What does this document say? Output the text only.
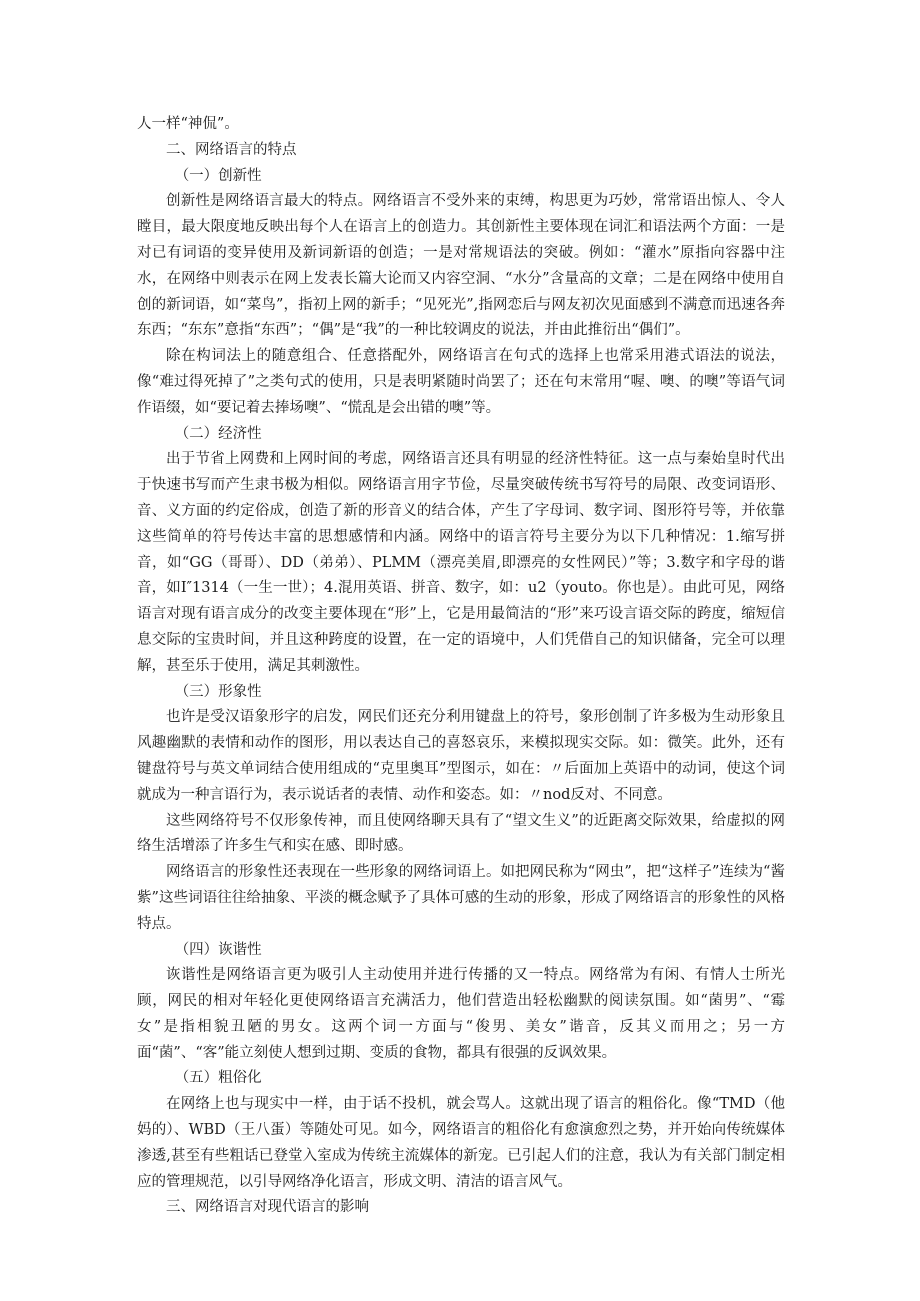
人一样“神侃”。

二、网络语言的特点

（一）创新性

创新性是网络语言最大的特点。网络语言不受外来的束缚，构思更为巧妙，常常语出惊人、令人瞠目，最大限度地反映出每个人在语言上的创造力。其创新性主要体现在词汇和语法两个方面：一是对已有词语的变异使用及新词新语的创造；一是对常规语法的突破。例如：“灌水”原指向容器中注水，在网络中则表示在网上发表长篇大论而又内容空洞、“水分”含量高的文章；二是在网络中使用自创的新词语，如“菜鸟”，指初上网的新手；“见死光”,指网恋后与网友初次见面感到不满意而迅速各奔东西；“东东”意指“东西”；“偶”是“我”的一种比较调皮的说法，并由此推衍出“偶们”。

除在构词法上的随意组合、任意搭配外，网络语言在句式的选择上也常采用港式语法的说法，像“难过得死掉了”之类句式的使用，只是表明紧随时尚罢了；还在句末常用“喔、噢、的噢”等语气词作语缀，如“要记着去捧场噢”、“慌乱是会出错的噢”等。

（二）经济性

出于节省上网费和上网时间的考虑，网络语言还具有明显的经济性特征。这一点与秦始皇时代出于快速书写而产生隶书极为相似。网络语言用字节俭，尽量突破传统书写符号的局限、改变词语形、音、义方面的约定俗成，创造了新的形音义的结合体，产生了字母词、数字词、图形符号等，并依靠这些简单的符号传达丰富的思想感情和内涵。网络中的语言符号主要分为以下几种情况：1.缩写拼音，如“GG（哥哥）、DD（弟弟）、PLMM（漂亮美眉,即漂亮的女性网民）”等；3.数字和字母的谐音，如I″1314（一生一世）；4.混用英语、拼音、数字，如：u2（youto。你也是）。由此可见，网络语言对现有语言成分的改变主要体现在“形”上，它是用最简洁的“形”来巧设言语交际的跨度，缩短信息交际的宝贵时间，并且这种跨度的设置，在一定的语境中，人们凭借自己的知识储备，完全可以理解，甚至乐于使用，满足其刺激性。

（三）形象性

也许是受汉语象形字的启发，网民们还充分利用键盘上的符号，象形创制了许多极为生动形象且风趣幽默的表情和动作的图形，用以表达自己的喜怒哀乐，来模拟现实交际。如：微笑。此外，还有键盘符号与英文单词结合使用组成的“克里奥耳”型图示，如在：〃后面加上英语中的动词，使这个词就成为一种言语行为，表示说话者的表情、动作和姿态。如：〃nod反对、不同意。

这些网络符号不仅形象传神，而且使网络聊天具有了“望文生义”的近距离交际效果，给虚拟的网络生活增添了许多生气和实在感、即时感。

网络语言的形象性还表现在一些形象的网络词语上。如把网民称为“网虫”，把“这样子”连续为“酱紫”这些词语往往给抽象、平淡的概念赋予了具体可感的生动的形象，形成了网络语言的形象性的风格特点。

（四）诙谐性

诙谐性是网络语言更为吸引人主动使用并进行传播的又一特点。网络常为有闲、有情人士所光顾，网民的相对年轻化更使网络语言充满活力，他们营造出轻松幽默的阅读氛围。如“菌男”、“霉女”是指相貌丑陋的男女。这两个词一方面与“俊男、美女”谐音，反其义而用之；另一方面“菌”、“客”能立刻使人想到过期、变质的食物，都具有很强的反讽效果。

（五）粗俗化

在网络上也与现实中一样，由于话不投机，就会骂人。这就出现了语言的粗俗化。像“TMD（他妈的）、WBD（王八蛋）等随处可见。如今，网络语言的粗俗化有愈演愈烈之势，并开始向传统媒体渗透,甚至有些粗话已登堂入室成为传统主流媒体的新宠。已引起人们的注意，我认为有关部门制定相应的管理规范，以引导网络净化语言，形成文明、清洁的语言风气。

三、网络语言对现代语言的影响
